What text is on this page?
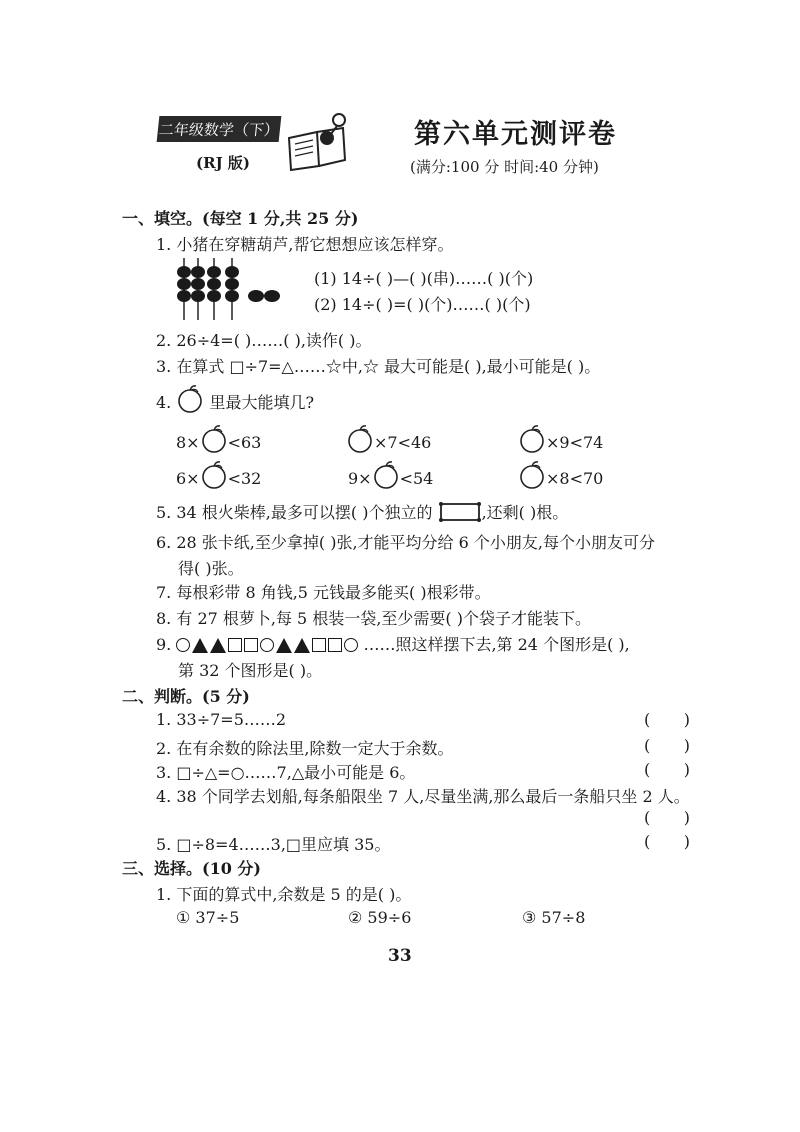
二年级数学（下）
(RJ 版)
第六单元测评卷
(满分:100 分 时间:40 分钟)
一、填空。(每空 1 分,共 25 分)
1. 小猪在穿糖葫芦,帮它想想应该怎样穿。
(1) 14÷( )—( )(串)……( )(个)
(2) 14÷( )=( )(个)……( )(个)
2. 26÷4=( )……( ),读作( )。
3. 在算式 □÷7=△……☆中,☆ 最大可能是( ),最小可能是( )。
4. 里最大能填几?
8× <63	×7<46	×9<74
6× <32	9× <54	×8<70
5. 34 根火柴棒,最多可以摆( )个独立的	,还剩( )根。
6. 28 张卡纸,至少拿掉( )张,才能平均分给 6 个小朋友,每个小朋友可分
得( )张。
7. 每根彩带 8 角钱,5 元钱最多能买( )根彩带。
8. 有 27 根萝卜,每 5 根装一袋,至少需要( )个袋子才能装下。
9.	……照这样摆下去,第 24 个图形是( ),
第 32 个图形是( )。
二、判断。(5 分)
1. 33÷7=5……2	( )
2. 在有余数的除法里,除数一定大于余数。	( )
3. □÷△=○……7,△最小可能是 6。	( )
4. 38 个同学去划船,每条船限坐 7 人,尽量坐满,那么最后一条船只坐 2 人。
( )
5. □÷8=4……3,□里应填 35。	( )
三、选择。(10 分)
1. 下面的算式中,余数是 5 的是( )。
① 37÷5	② 59÷6	③ 57÷8
33
